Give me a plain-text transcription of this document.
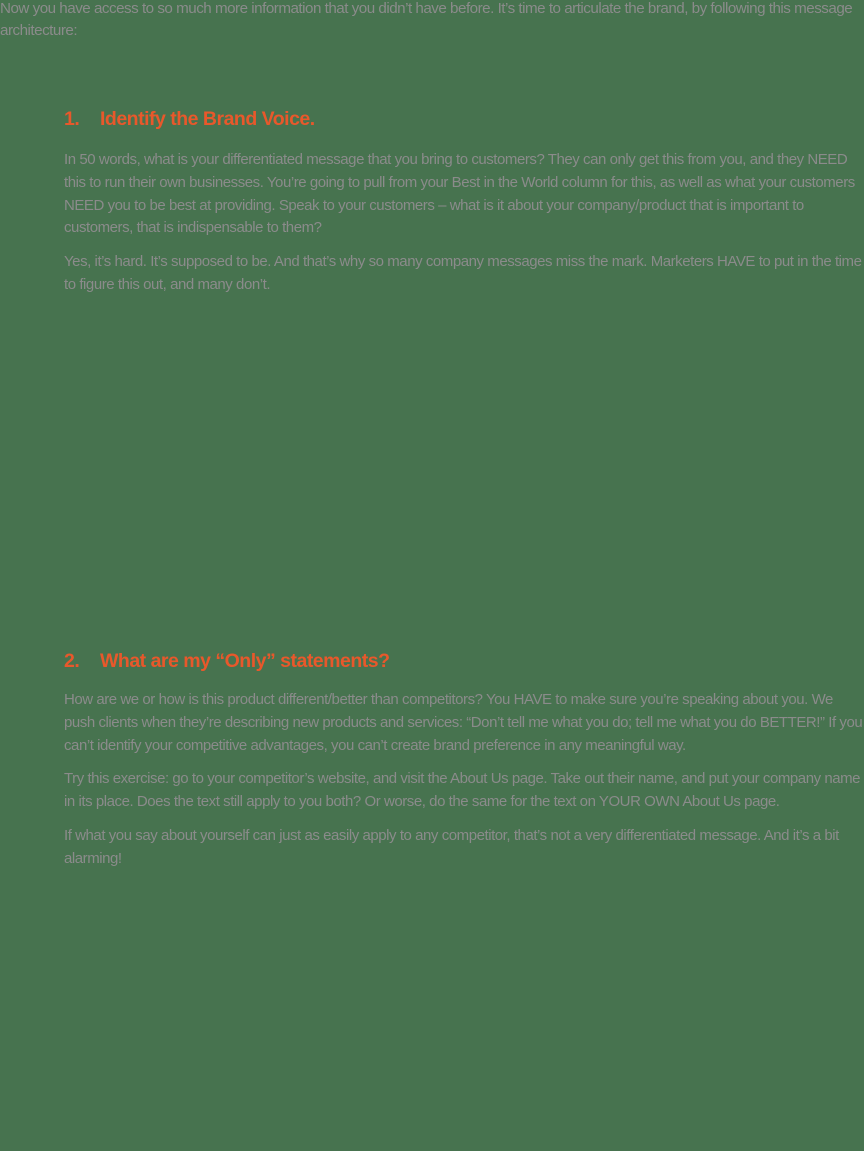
Now you have access to so much more information that you didn’t have before. It’s time to articulate the brand, by following this message architecture:

1. Identify the Brand Voice.

In 50 words, what is your differentiated message that you bring to customers? They can only get this from you, and they NEED this to run their own businesses. You’re going to pull from your Best in the World column for this, as well as what your customers NEED you to be best at providing. Speak to your customers – what is it about your company/product that is important to customers, that is indispensable to them?

Yes, it’s hard. It’s supposed to be. And that’s why so many company messages miss the mark. Marketers HAVE to put in the time to figure this out, and many don’t.

2. What are my “Only” statements?

How are we or how is this product different/better than competitors? You HAVE to make sure you’re speaking about you. We push clients when they’re describing new products and services: “Don’t tell me what you do; tell me what you do BETTER!” If you can’t identify your competitive advantages, you can’t create brand preference in any meaningful way.

Try this exercise: go to your competitor’s website, and visit the About Us page. Take out their name, and put your company name in its place. Does the text still apply to you both? Or worse, do the same for the text on YOUR OWN About Us page.

If what you say about yourself can just as easily apply to any competitor, that’s not a very differentiated message. And it’s a bit alarming!
